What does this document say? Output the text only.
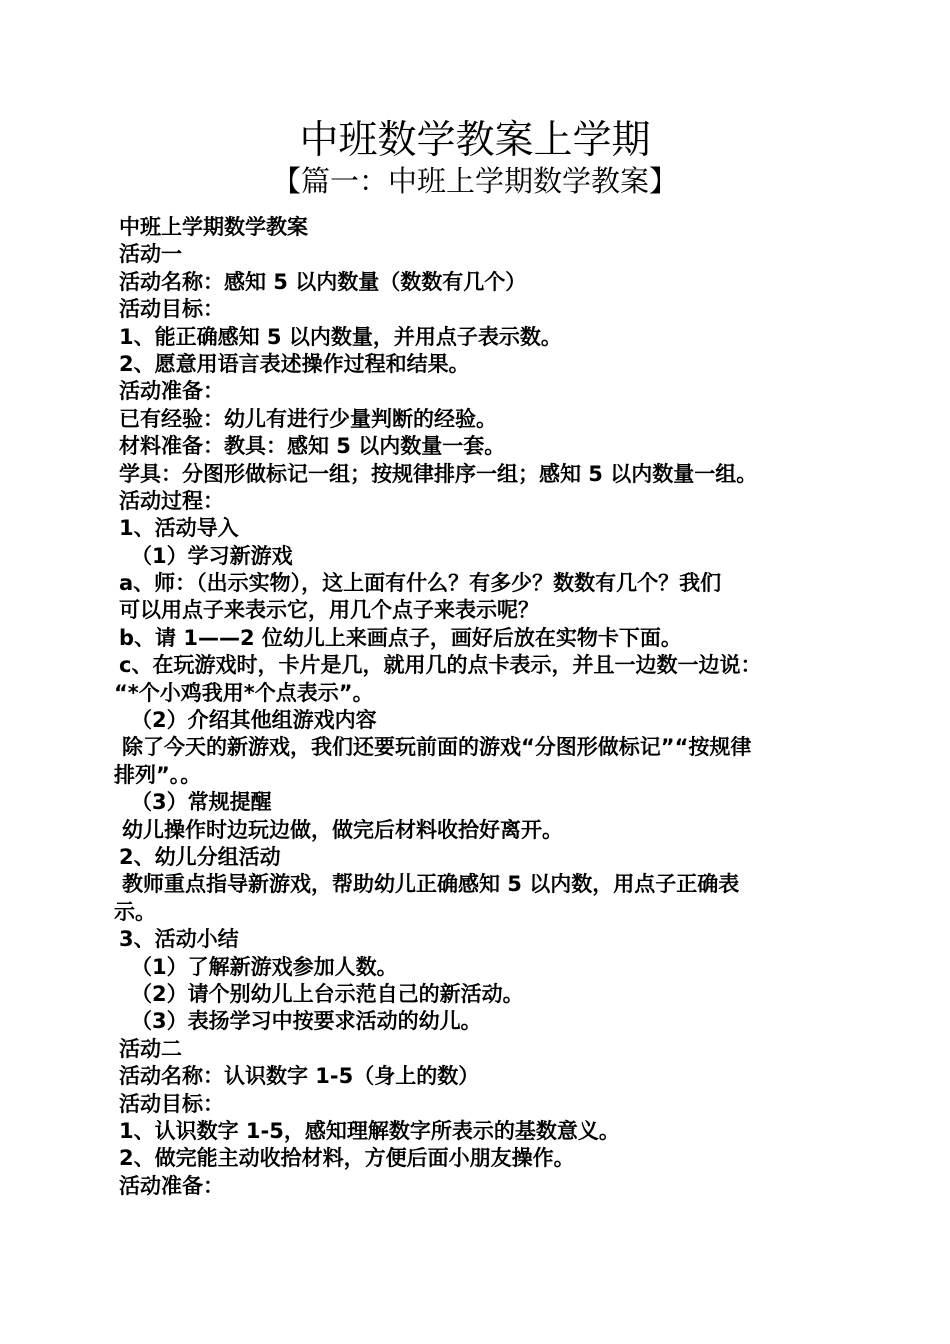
中班数学教案上学期
【篇一：中班上学期数学教案】
中班上学期数学教案
活动一
活动名称：感知 5 以内数量（数数有几个）
活动目标：
1、能正确感知 5 以内数量，并用点子表示数。
2、愿意用语言表述操作过程和结果。
活动准备：
已有经验：幼儿有进行少量判断的经验。
材料准备：教具：感知 5 以内数量一套。
学具：分图形做标记一组；按规律排序一组；感知 5 以内数量一组。
活动过程：
1、活动导入
（1）学习新游戏
a、师：（出示实物），这上面有什么？有多少？数数有几个？我们
可以用点子来表示它，用几个点子来表示呢？
b、请 1——2 位幼儿上来画点子，画好后放在实物卡下面。
c、在玩游戏时，卡片是几，就用几的点卡表示，并且一边数一边说：
“*个小鸡我用*个点表示”。
（2）介绍其他组游戏内容
除了今天的新游戏，我们还要玩前面的游戏“分图形做标记”“按规律
排列”。。
（3）常规提醒
幼儿操作时边玩边做，做完后材料收拾好离开。
2、幼儿分组活动
教师重点指导新游戏，帮助幼儿正确感知 5 以内数，用点子正确表
示。
3、活动小结
（1）了解新游戏参加人数。
（2）请个别幼儿上台示范自己的新活动。
（3）表扬学习中按要求活动的幼儿。
活动二
活动名称：认识数字 1-5（身上的数）
活动目标：
1、认识数字 1-5，感知理解数字所表示的基数意义。
2、做完能主动收拾材料，方便后面小朋友操作。
活动准备：
